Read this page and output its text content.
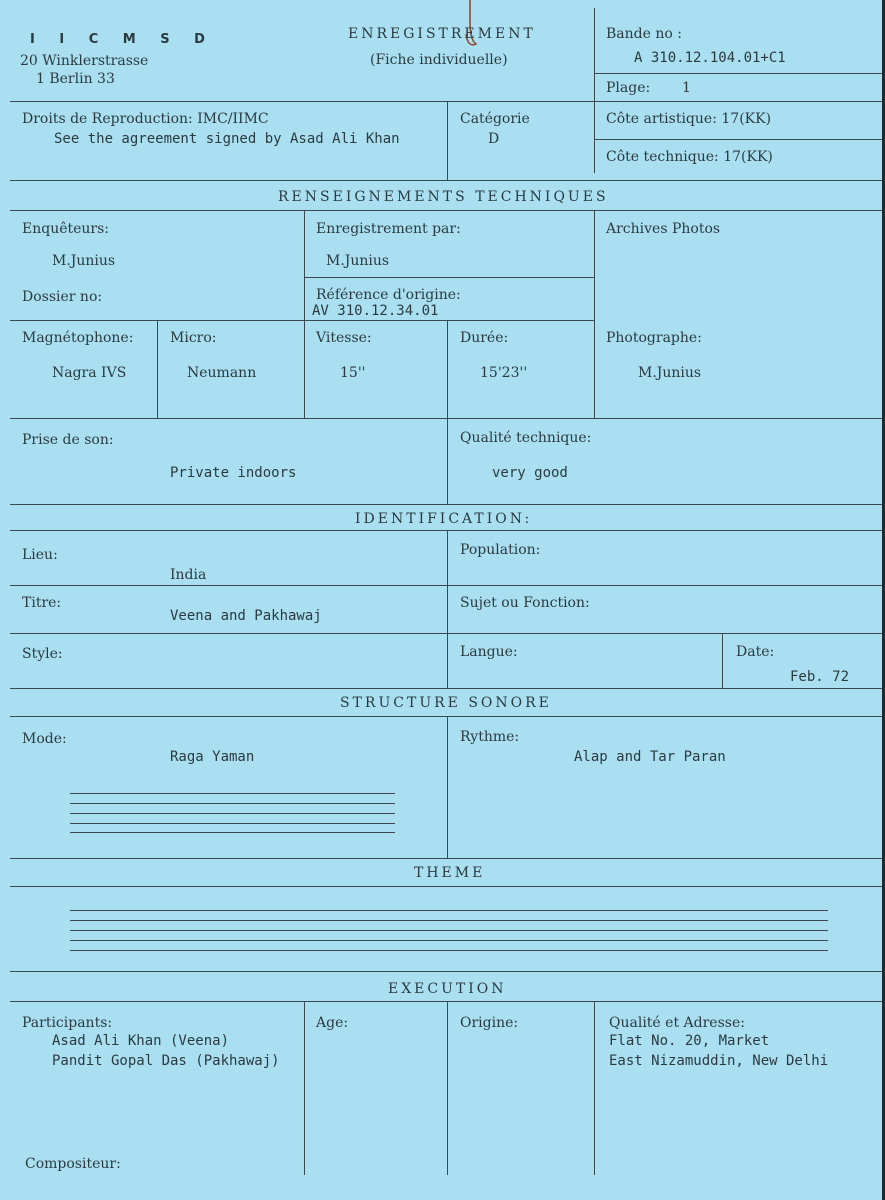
I I C M S D
20 Winklerstrasse
1 Berlin 33
ENREGISTREMENT
(Fiche individuelle)
Bande no :
A 310.12.104.01+C1
Plage: 1
Droits de Reproduction: IMC/IIMC
See the agreement signed by Asad Ali Khan
Catégorie
D
Côte artistique: 17(KK)
Côte technique: 17(KK)
RENSEIGNEMENTS TECHNIQUES
Enquêteurs:
M.Junius
Dossier no:
Enregistrement par:
M.Junius
Référence d'origine:
AV 310.12.34.01
Archives Photos
Magnétophone:
Nagra IVS
Micro:
Neumann
Vitesse:
15''
Durée:
15'23''
Photographe:
M.Junius
Prise de son:
Private indoors
Qualité technique:
very good
IDENTIFICATION:
Lieu:
India
Population:
Titre:
Veena and Pakhawaj
Sujet ou Fonction:
Style:	Langue:	Date:
Feb. 72
STRUCTURE SONORE
Mode:
Raga Yaman
Rythme:
Alap and Tar Paran
THEME
EXECUTION
Participants:
Asad Ali Khan (Veena)
Pandit Gopal Das (Pakhawaj)
Age:	Origine:	Qualité et Adresse:
Flat No. 20, Market
East Nizamuddin, New Delhi
Compositeur:
